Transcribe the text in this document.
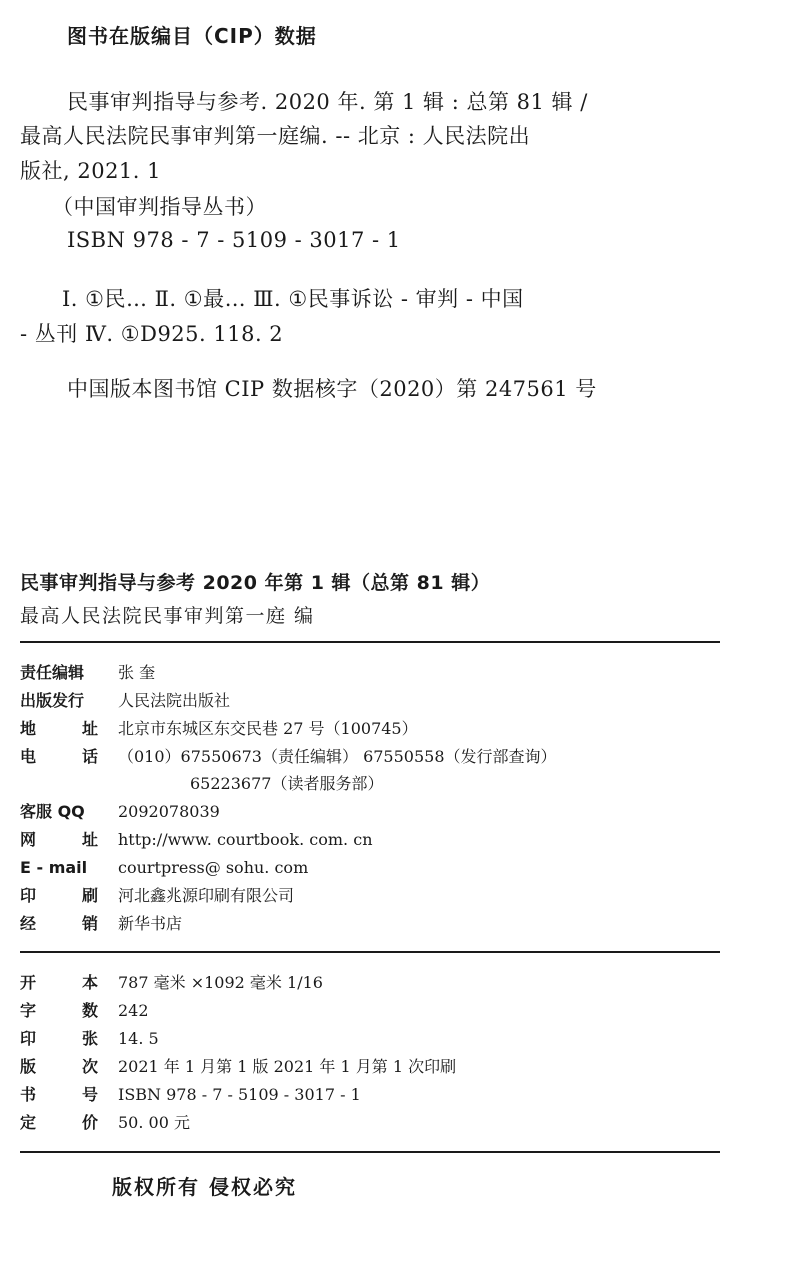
图书在版编目（CIP）数据
民事审判指导与参考. 2020 年. 第 1 辑 : 总第 81 辑 /
最高人民法院民事审判第一庭编. -- 北京 : 人民法院出
版社, 2021. 1
（中国审判指导丛书）
ISBN 978 - 7 - 5109 - 3017 - 1
Ⅰ. ①民… Ⅱ. ①最… Ⅲ. ①民事诉讼 - 审判 - 中国
- 丛刊 Ⅳ. ①D925. 118. 2
中国版本图书馆 CIP 数据核字（2020）第 247561 号
民事审判指导与参考 2020 年第 1 辑（总第 81 辑）
最高人民法院民事审判第一庭 编
责任编辑 张 奎
出版发行 人民法院出版社
地	址 北京市东城区东交民巷 27 号（100745）
电	话 （010）67550673（责任编辑） 67550558（发行部查询）
65223677（读者服务部）
客服 QQ 2092078039
网	址 http://www. courtbook. com. cn
E - mail courtpress@ sohu. com
印	刷 河北鑫兆源印刷有限公司
经	销 新华书店
开	本 787 毫米 ×1092 毫米 1/16
字	数 242
印	张 14. 5
版	次 2021 年 1 月第 1 版 2021 年 1 月第 1 次印刷
书	号 ISBN 978 - 7 - 5109 - 3017 - 1
定	价 50. 00 元
版权所有 侵权必究
